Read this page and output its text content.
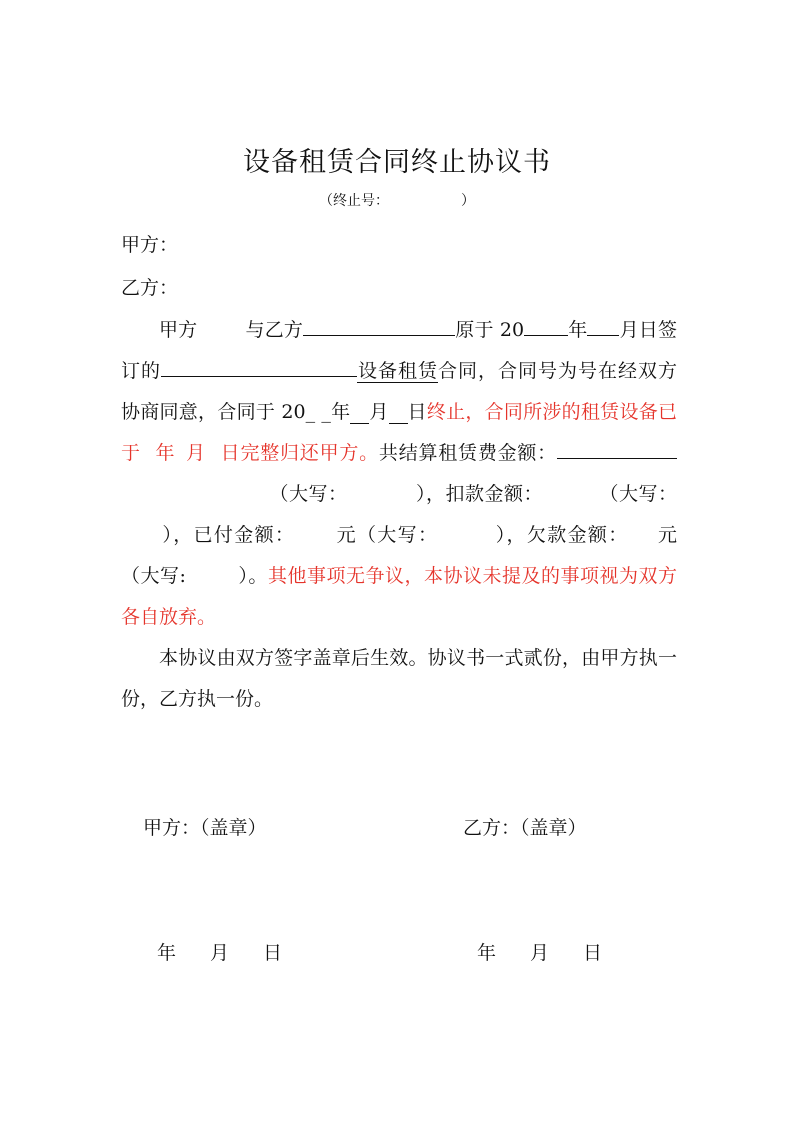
设备租赁合同终止协议书
（终止号：	）
甲方：
乙方：

甲方	与乙方	原于 20 年 月日签订的	设备租赁合同，合同号为号在经双方协商同意，合同于 20_ _年 月 日终止，合同所涉的租赁设备已于 年 月 日完整归还甲方。共结算租赁费金额：（大写：	），扣款金额：	（大写：），已付金额： 元（大写：	），欠款金额： 元（大写:	）。其他事项无争议，本协议未提及的事项视为双方各自放弃。

本协议由双方签字盖章后生效。协议书一式贰份，由甲方执一份，乙方执一份。

甲方：（盖章）	乙方：（盖章）
年 月 日	年 月 日
